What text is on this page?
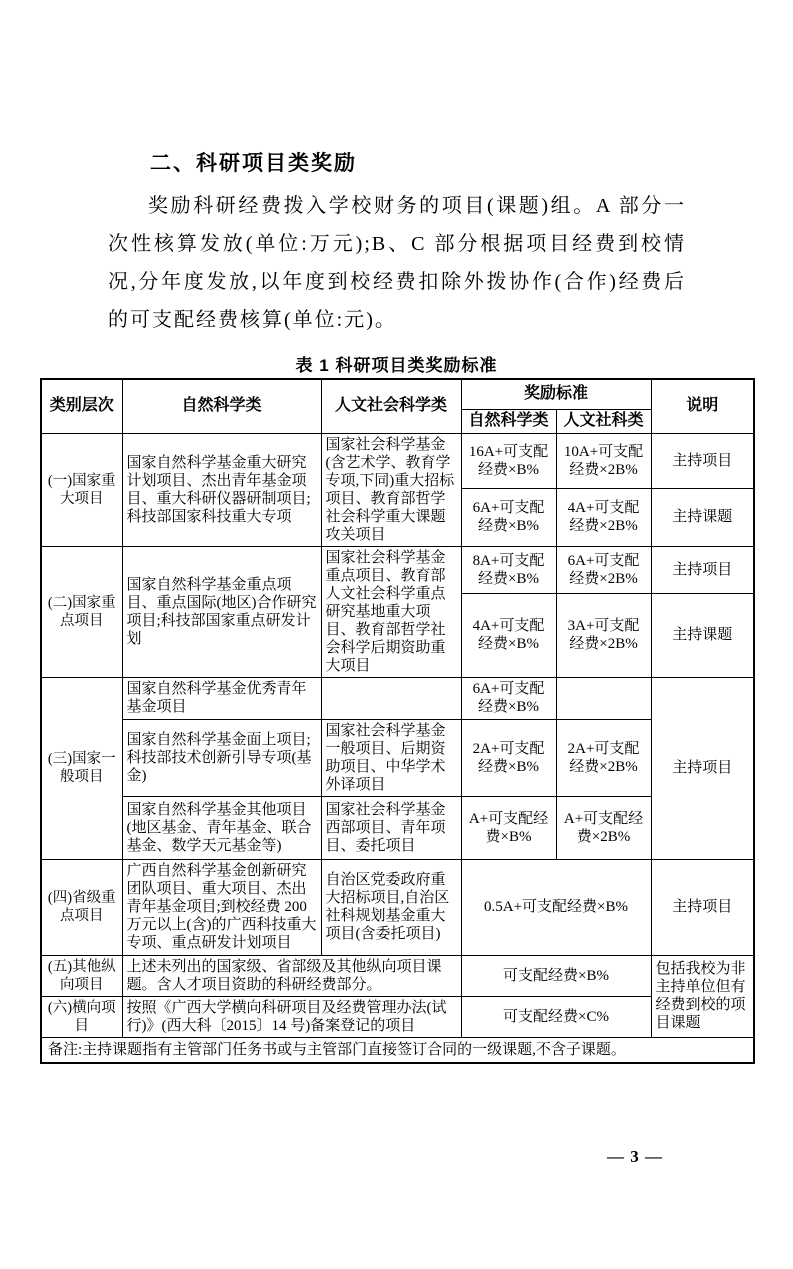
二、科研项目类奖励
奖励科研经费拨入学校财务的项目(课题)组。A 部分一次性核算发放(单位:万元);B、C 部分根据项目经费到校情况,分年度发放,以年度到校经费扣除外拨协作(合作)经费后的可支配经费核算(单位:元)。
表 1 科研项目类奖励标准
类别层次	自然科学类	人文社会科学类	奖励标准		说明
			自然科学类	人文社科类	
(一)国家重大项目	国家自然科学基金重大研究计划项目、杰出青年基金项目、重大科研仪器研制项目;科技部国家科技重大专项	国家社会科学基金(含艺术学、教育学专项,下同)重大招标项目、教育部哲学社会科学重大课题攻关项目	16A+可支配经费×B%	10A+可支配经费×2B%	主持项目
			6A+可支配经费×B%	4A+可支配经费×2B%	主持课题
(二)国家重点项目	国家自然科学基金重点项目、重点国际(地区)合作研究项目;科技部国家重点研发计划	国家社会科学基金重点项目、教育部人文社会科学重点研究基地重大项目、教育部哲学社会科学后期资助重大项目	8A+可支配经费×B%	6A+可支配经费×2B%	主持项目
			4A+可支配经费×B%	3A+可支配经费×2B%	主持课题
(三)国家一般项目	国家自然科学基金优秀青年基金项目		6A+可支配经费×B%		主持项目
	国家自然科学基金面上项目;科技部技术创新引导专项(基金)	国家社会科学基金一般项目、后期资助项目、中华学术外译项目	2A+可支配经费×B%	2A+可支配经费×2B%	
	国家自然科学基金其他项目(地区基金、青年基金、联合基金、数学天元基金等)	国家社会科学基金西部项目、青年项目、委托项目	A+可支配经费×B%	A+可支配经费×2B%	
(四)省级重点项目	广西自然科学基金创新研究团队项目、重大项目、杰出青年基金项目;到校经费 200 万元以上(含)的广西科技重大专项、重点研发计划项目	自治区党委政府重大招标项目,自治区社科规划基金重大项目(含委托项目)	0.5A+可支配经费×B%		主持项目
(五)其他纵向项目	上述未列出的国家级、省部级及其他纵向项目课题。含人才项目资助的科研经费部分。		可支配经费×B%		包括我校为非主持单位但有经费到校的项目课题
(六)横向项目	按照《广西大学横向科研项目及经费管理办法(试行)》(西大科〔2015〕14 号)备案登记的项目		可支配经费×C%		
备注:主持课题指有主管部门任务书或与主管部门直接签订合同的一级课题,不含子课题。					
— 3 —
